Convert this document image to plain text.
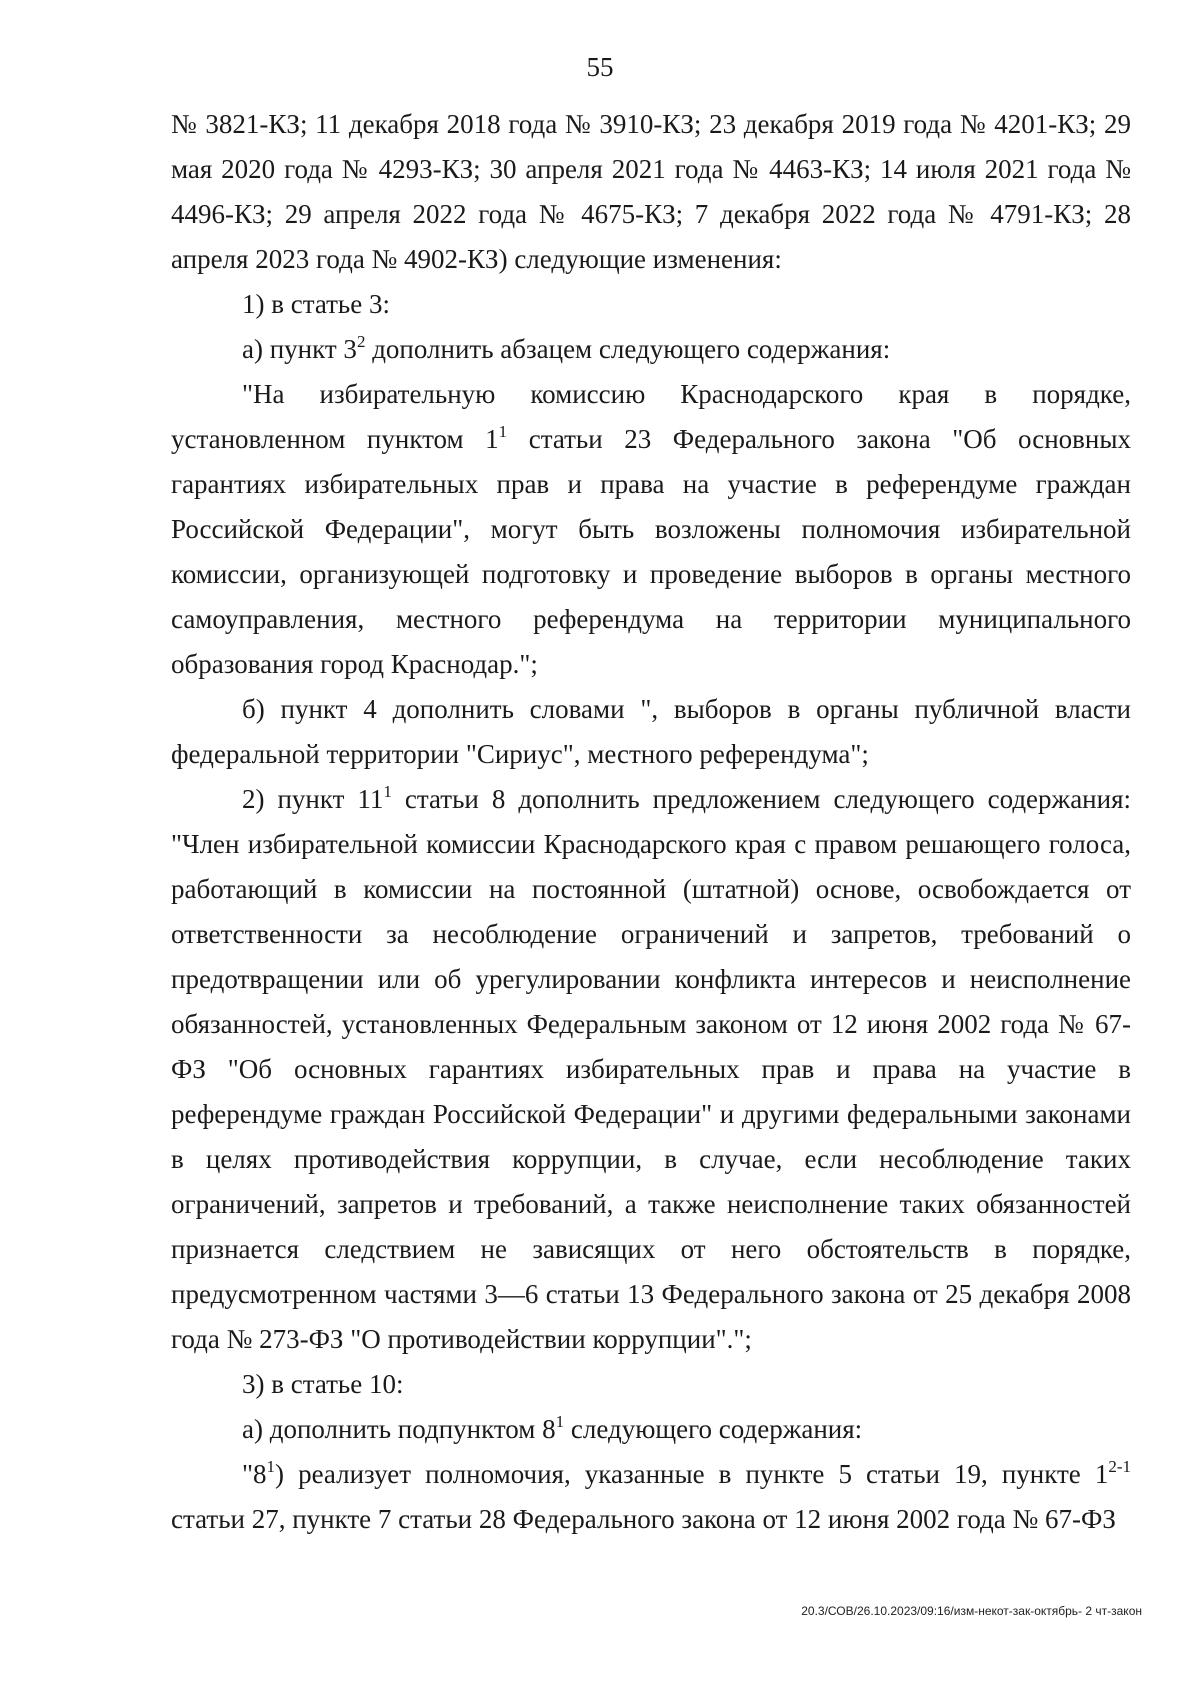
55

№ 3821-КЗ; 11 декабря 2018 года № 3910-КЗ; 23 декабря 2019 года № 4201-КЗ; 29 мая 2020 года № 4293-КЗ; 30 апреля 2021 года № 4463-КЗ; 14 июля 2021 года № 4496-КЗ; 29 апреля 2022 года № 4675-КЗ; 7 декабря 2022 года № 4791-КЗ; 28 апреля 2023 года № 4902-КЗ) следующие изменения:

1) в статье 3:

а) пункт $3^2$ дополнить абзацем следующего содержания:

"На избирательную комиссию Краснодарского края в порядке, установленном пунктом $1^1$ статьи 23 Федерального закона "Об основных гарантиях избирательных прав и права на участие в референдуме граждан Российской Федерации", могут быть возложены полномочия избирательной комиссии, организующей подготовку и проведение выборов в органы местного самоуправления, местного референдума на территории муниципального образования город Краснодар.";

б) пункт 4 дополнить словами ", выборов в органы публичной власти федеральной территории "Сириус", местного референдума";

2) пункт $11^1$ статьи 8 дополнить предложением следующего содержания: "Член избирательной комиссии Краснодарского края с правом решающего голоса, работающий в комиссии на постоянной (штатной) основе, освобождается от ответственности за несоблюдение ограничений и запретов, требований о предотвращении или об урегулировании конфликта интересов и неисполнение обязанностей, установленных Федеральным законом от 12 июня 2002 года № 67-ФЗ "Об основных гарантиях избирательных прав и права на участие в референдуме граждан Российской Федерации" и другими федеральными законами в целях противодействия коррупции, в случае, если несоблюдение таких ограничений, запретов и требований, а также неисполнение таких обязанностей признается следствием не зависящих от него обстоятельств в порядке, предусмотренном частями 3—6 статьи 13 Федерального закона от 25 декабря 2008 года № 273-ФЗ "О противодействии коррупции".";

3) в статье 10:

а) дополнить подпунктом $8^1$ следующего содержания:

"$8^1$) реализует полномочия, указанные в пункте 5 статьи 19, пункте 1$^{2-1}$ статьи 27, пункте 7 статьи 28 Федерального закона от 12 июня 2002 года № 67-ФЗ

20.3/СОВ/26.10.2023/09:16/изм-некот-зак-октябрь- 2 чт-закон
